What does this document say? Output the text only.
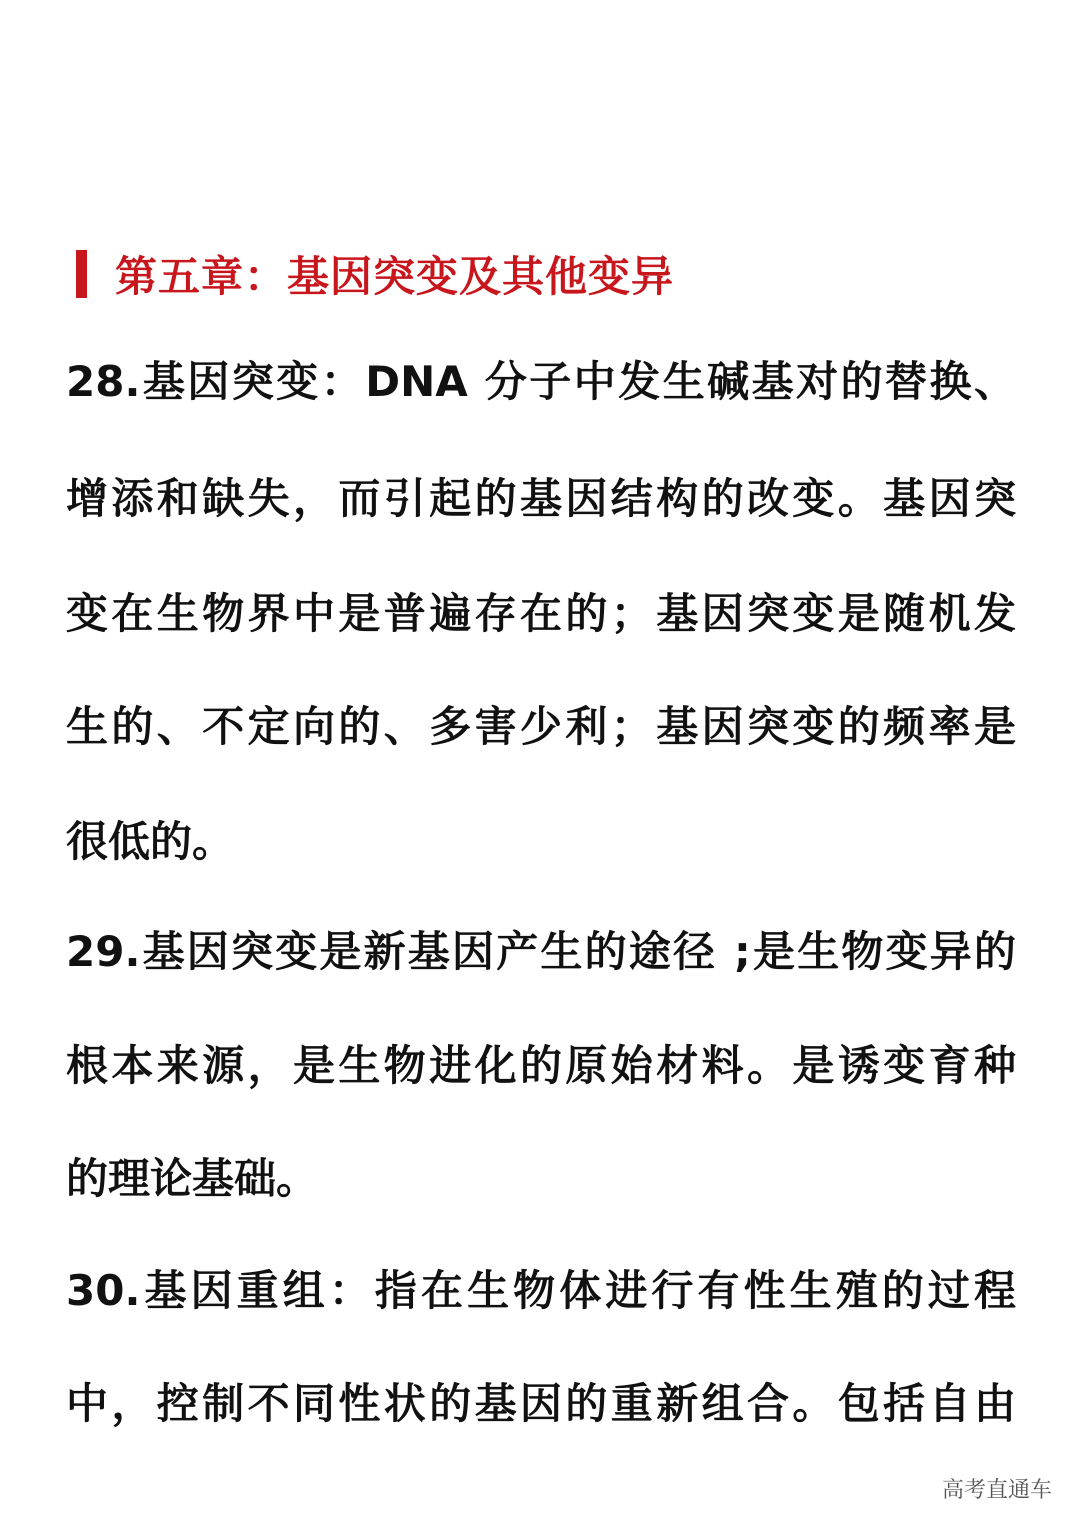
第五章：基因突变及其他变异
28.基因突变：DNA 分子中发生碱基对的替换、
增添和缺失，而引起的基因结构的改变。基因突
变在生物界中是普遍存在的；基因突变是随机发
生的、不定向的、多害少利；基因突变的频率是
很低的。
29.基因突变是新基因产生的途径 ;是生物变异的
根本来源，是生物进化的原始材料。是诱变育种
的理论基础。
30.基因重组：指在生物体进行有性生殖的过程
中，控制不同性状的基因的重新组合。包括自由
高考直通车
